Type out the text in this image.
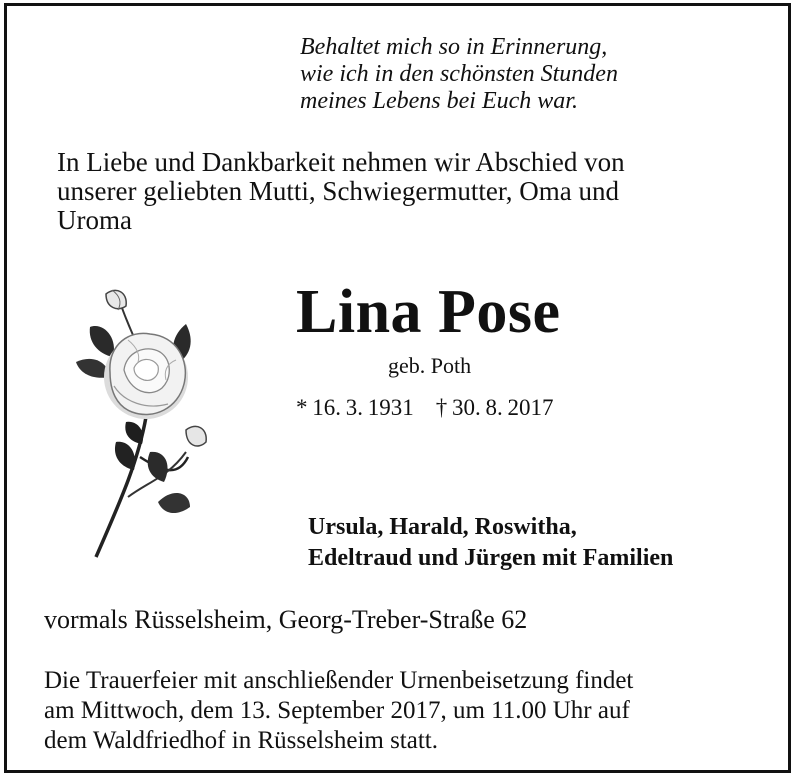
Behaltet mich so in Erinnerung,
wie ich in den schönsten Stunden
meines Lebens bei Euch war.
In Liebe und Dankbarkeit nehmen wir Abschied von
unserer geliebten Mutti, Schwiegermutter, Oma und
Uroma
Lina Pose
geb. Poth
* 16. 3. 1931 † 30. 8. 2017
Ursula, Harald, Roswitha,
Edeltraud und Jürgen mit Familien
vormals Rüsselsheim, Georg-Treber-Straße 62
Die Trauerfeier mit anschließender Urnenbeisetzung findet
am Mittwoch, dem 13. September 2017, um 11.00 Uhr auf
dem Waldfriedhof in Rüsselsheim statt.
